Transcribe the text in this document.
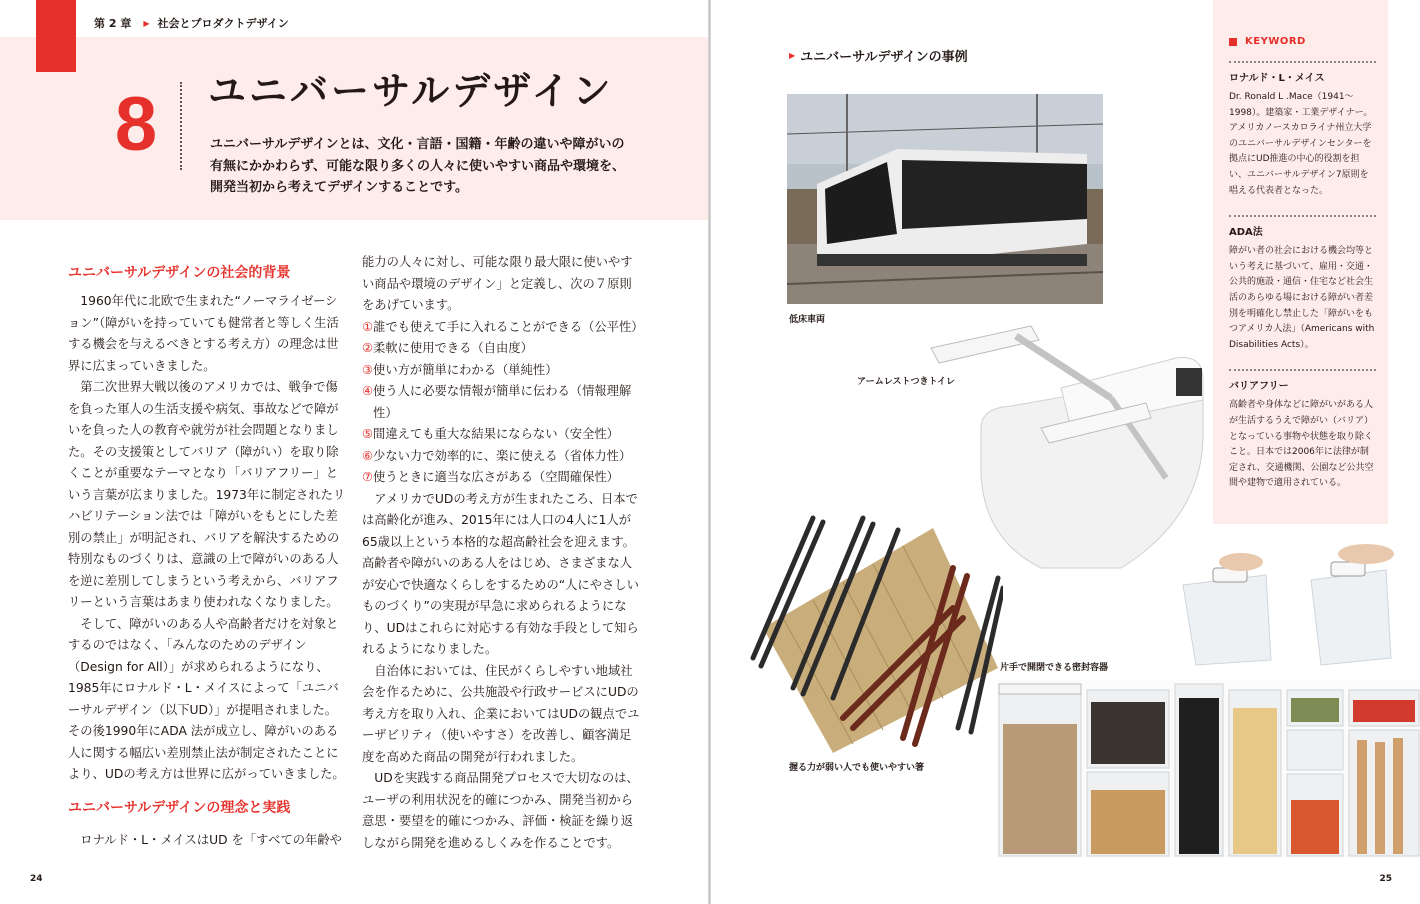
第 2 章 ▶ 社会とプロダクトデザイン
8 ユニバーサルデザイン

ユニバーサルデザインとは、文化・言語・国籍・年齢の違いや障がいの有無にかかわらず、可能な限り多くの人々に使いやすい商品や環境を、開発当初から考えてデザインすることです。

ユニバーサルデザインの社会的背景

1960年代に北欧で生まれた“ノーマライゼーション”（障がいを持っていても健常者と等しく生活する機会を与えるべきとする考え方）の理念は世界に広まっていきました。

第二次世界大戦以後のアメリカでは、戦争で傷を負った軍人の生活支援や病気、事故などで障がいを負った人の教育や就労が社会問題となりました。その支援策としてバリア（障がい）を取り除くことが重要なテーマとなり「バリアフリー」という言葉が広まりました。1973年に制定されたリハビリテーション法では「障がいをもとにした差別の禁止」が明記され、バリアを解決するための特別なものづくりは、意識の上で障がいのある人を逆に差別してしまうという考えから、バリアフリーという言葉はあまり使われなくなりました。

そして、障がいのある人や高齢者だけを対象とするのではなく、「みんなのためのデザイン（Design for All）」が求められるようになり、1985年にロナルド・L・メイスによって「ユニバーサルデザイン（以下UD）」が提唱されました。その後1990年にADA 法が成立し、障がいのある人に関する幅広い差別禁止法が制定されたことにより、UDの考え方は世界に広がっていきました。

ユニバーサルデザインの理念と実践

ロナルド・L・メイスはUD を「すべての年齢や

能力の人々に対し、可能な限り最大限に使いやすい商品や環境のデザイン」と定義し、次の７原則をあげています。

① 誰でも使えて手に入れることができる（公平性）
② 柔軟に使用できる（自由度）
③ 使い方が簡単にわかる（単純性）
④ 使う人に必要な情報が簡単に伝わる（情報理解性）
⑤ 間違えても重大な結果にならない（安全性）
⑥ 少ない力で効率的に、楽に使える（省体力性）
⑦ 使うときに適当な広さがある（空間確保性）

アメリカでUDの考え方が生まれたころ、日本では高齢化が進み、2015年には人口の4人に1人が65歳以上という本格的な超高齢社会を迎えます。高齢者や障がいのある人をはじめ、さまざまな人が安心で快適なくらしをするための“人にやさしいものづくり”の実現が早急に求められるようになり、UDはこれらに対応する有効な手段として知られるようになりました。

自治体においては、住民がくらしやすい地域社会を作るために、公共施設や行政サービスにUDの考え方を取り入れ、企業においてはUDの観点でユーザビリティ（使いやすさ）を改善し、顧客満足度を高めた商品の開発が行われました。

UDを実践する商品開発プロセスで大切なのは、ユーザの利用状況を的確につかみ、開発当初から意思・要望を的確につかみ、評価・検証を繰り返しながら開発を進めるしくみを作ることです。

24
▶ ユニバーサルデザインの事例
低床車両
アームレストつきトイレ
片手で開閉できる密封容器
握る力が弱い人でも使いやすい箸
KEYWORD

ロナルド・L・メイス

Dr. Ronald L .Mace（1941～1998）。建築家・工業デザイナー。アメリカノースカロライナ州立大学のユニバーサルデザインセンターを拠点にUD推進の中心的役割を担い、ユニバーサルデザイン7原則を唱える代表者となった。

ADA法

障がい者の社会における機会均等という考えに基づいて、雇用・交通・公共的施設・通信・住宅など社会生活のあらゆる場における障がい者差別を明確化し禁止した「障がいをもつアメリカ人法」（Americans with Disabilities Acts）。

バリアフリー

高齢者や身体などに障がいがある人が生活するうえで障がい（バリア）となっている事物や状態を取り除くこと。日本では2006年に法律が制定され、交通機関、公園など公共空間や建物で適用されている。

25
